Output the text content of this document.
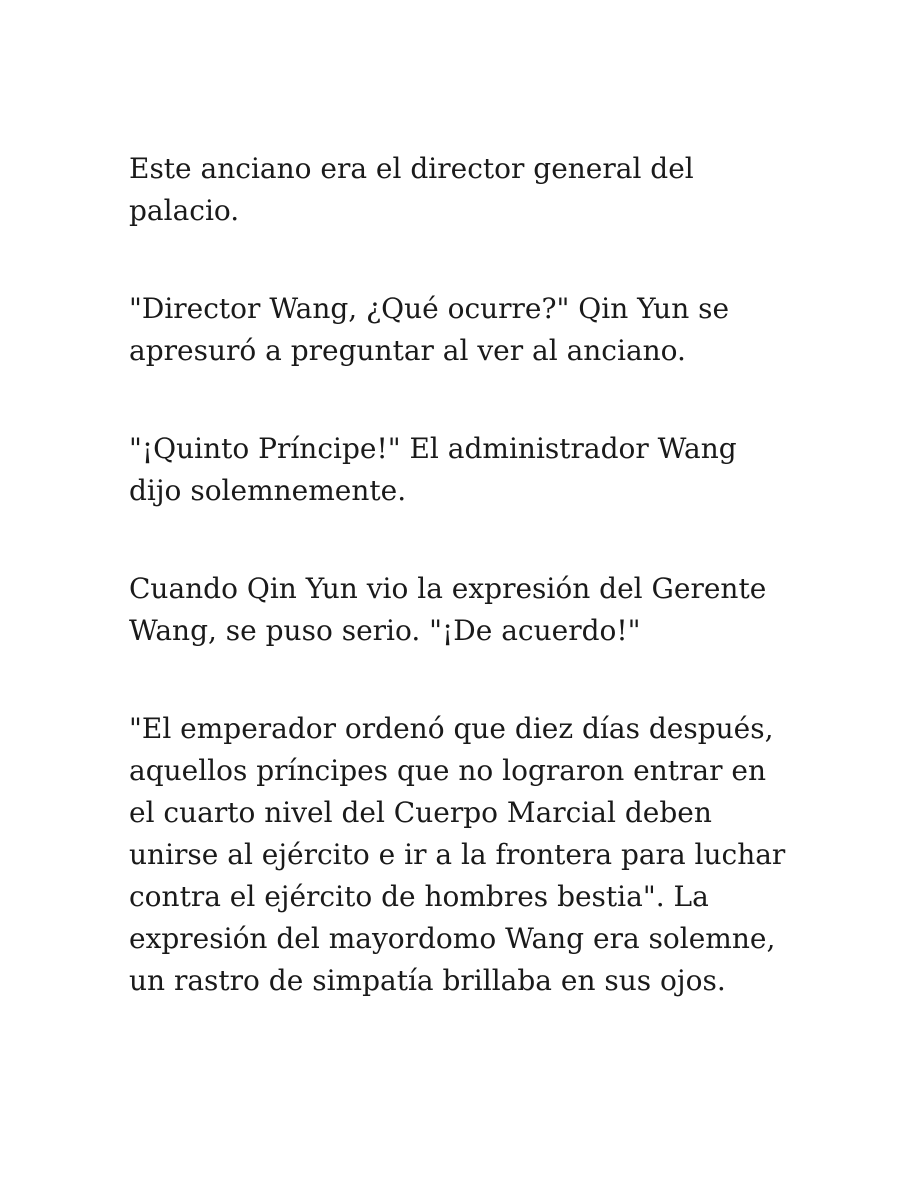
Este anciano era el director general del palacio.

"Director Wang, ¿Qué ocurre?" Qin Yun se apresuró a preguntar al ver al anciano.

"¡Quinto Príncipe!" El administrador Wang dijo solemnemente.

Cuando Qin Yun vio la expresión del Gerente Wang, se puso serio. "¡De acuerdo!"

"El emperador ordenó que diez días después, aquellos príncipes que no lograron entrar en el cuarto nivel del Cuerpo Marcial deben unirse al ejército e ir a la frontera para luchar contra el ejército de hombres bestia". La expresión del mayordomo Wang era solemne, un rastro de simpatía brillaba en sus ojos.
